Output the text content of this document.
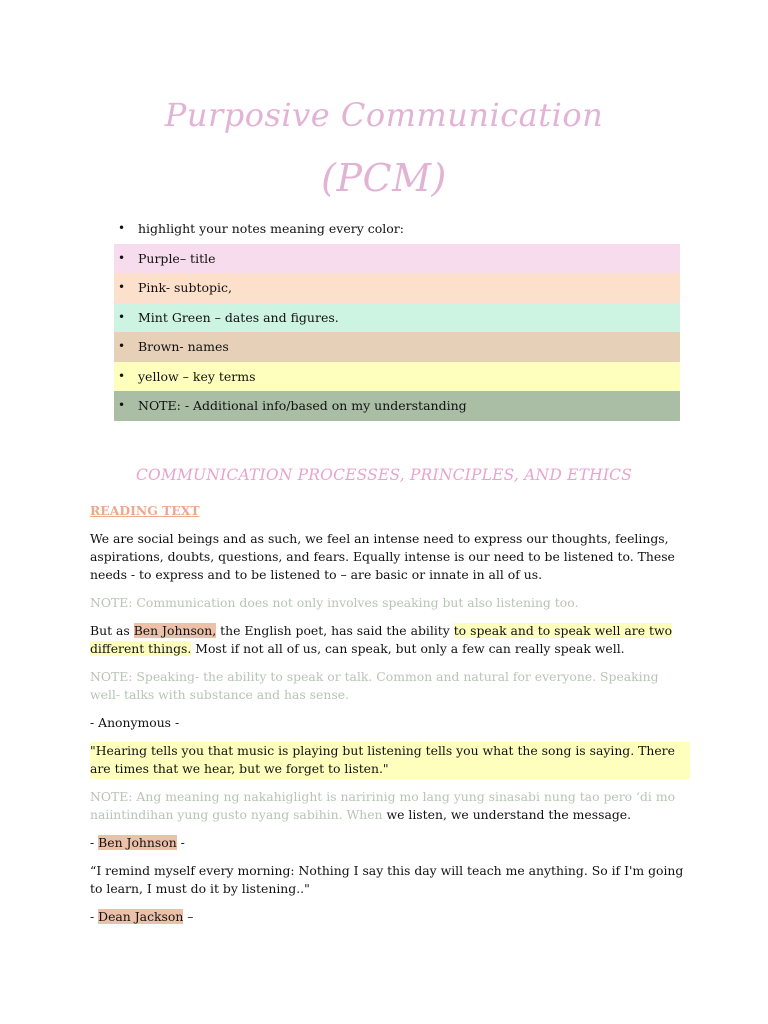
Purposive Communication
(PCM)
• highlight your notes meaning every color:
• Purple– title
• Pink- subtopic,
• Mint Green – dates and figures.
• Brown- names
• yellow – key terms
• NOTE: - Additional info/based on my understanding
COMMUNICATION PROCESSES, PRINCIPLES, AND ETHICS

READING TEXT

We are social beings and as such, we feel an intense need to express our thoughts, feelings, aspirations, doubts, questions, and fears. Equally intense is our need to be listened to. These needs - to express and to be listened to – are basic or innate in all of us.

NOTE: Communication does not only involves speaking but also listening too.

But as Ben Johnson, the English poet, has said the ability to speak and to speak well are two different things. Most if not all of us, can speak, but only a few can really speak well.

NOTE: Speaking- the ability to speak or talk. Common and natural for everyone. Speaking well- talks with substance and has sense.

- Anonymous -

"Hearing tells you that music is playing but listening tells you what the song is saying. There are times that we hear, but we forget to listen."

NOTE: Ang meaning ng nakahiglight is naririnig mo lang yung sinasabi nung tao pero ‘di mo naiintindihan yung gusto nyang sabihin. When we listen, we understand the message.

- Ben Johnson -

“I remind myself every morning: Nothing I say this day will teach me anything. So if I'm going to learn, I must do it by listening.."

- Dean Jackson –
